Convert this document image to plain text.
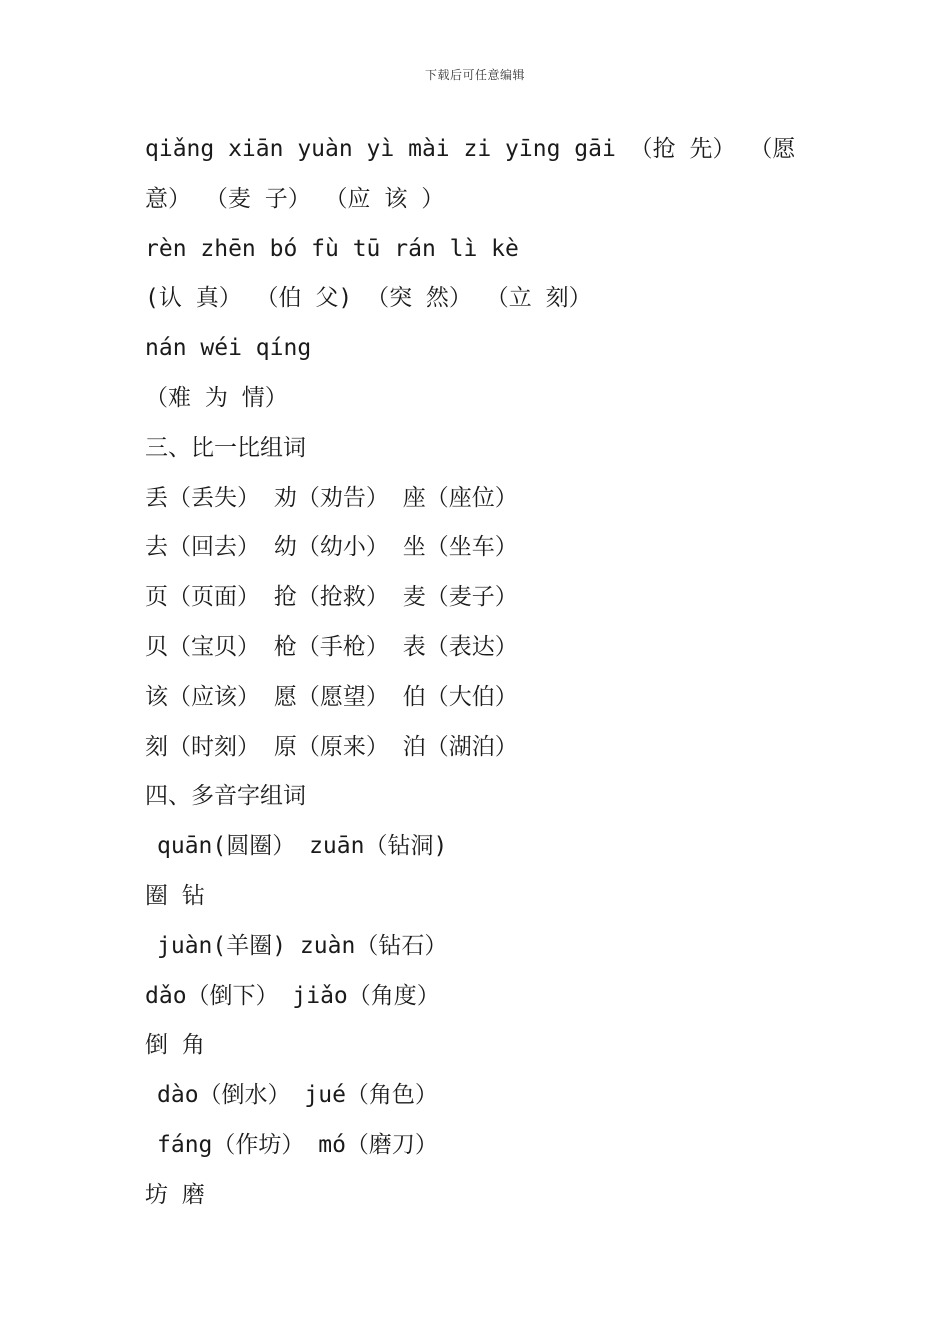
下载后可任意编辑
qiǎng xiān yuàn yì mài zi yīng gāi （抢 先） （愿
意） （麦 子） （应 该 ）
rèn zhēn bó fù tū rán lì kè
(认 真） （伯 父) （突 然） （立 刻）
nán wéi qíng
（难 为 情）
三、比一比组词
丢（丢失） 劝（劝告） 座（座位）
去（回去） 幼（幼小） 坐（坐车）
页（页面） 抢（抢救） 麦（麦子）
贝（宝贝） 枪（手枪） 表（表达）
该（应该） 愿（愿望） 伯（大伯）
刻（时刻） 原（原来） 泊（湖泊）
四、多音字组词
quān(圆圈） zuān（钻洞)
圈 钻
juàn(羊圈) zuàn（钻石）
dǎo（倒下） jiǎo（角度）
倒 角
dào（倒水） jué（角色）
fáng（作坊） mó（磨刀）
坊 磨
